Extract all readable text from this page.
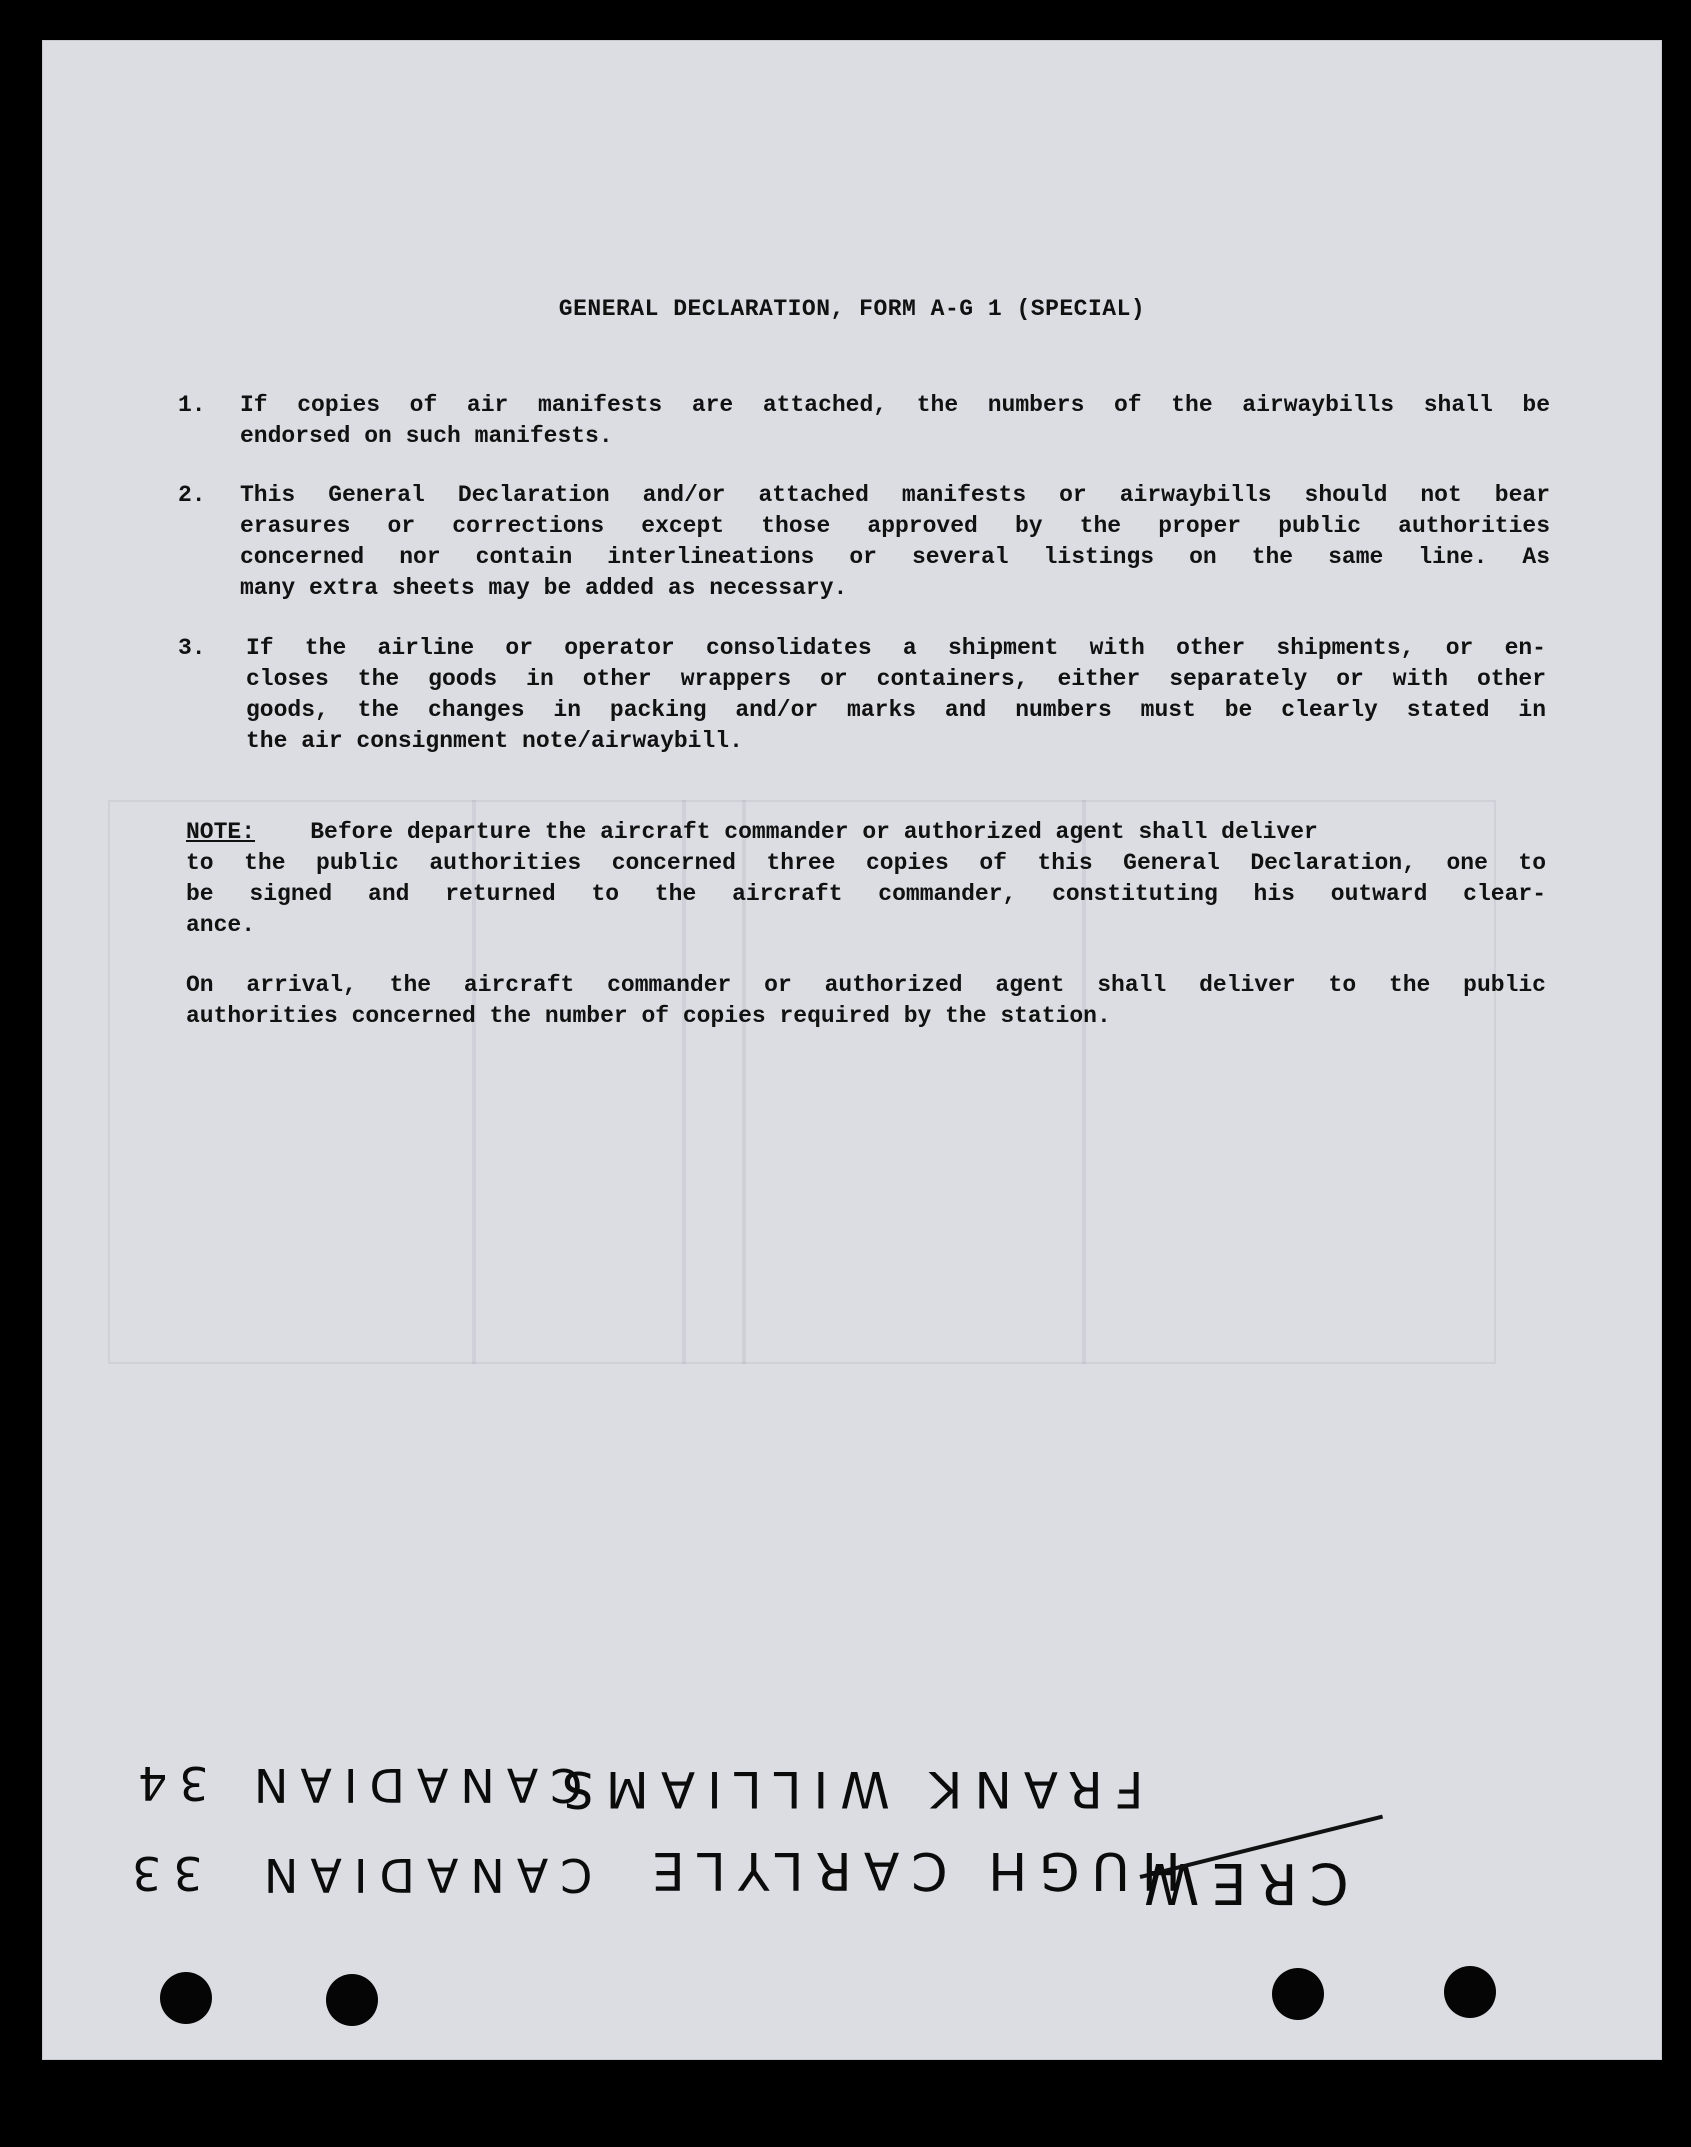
GENERAL DECLARATION, FORM A-G 1 (SPECIAL)
1. If copies of air manifests are attached, the numbers of the airwaybills shall be
endorsed on such manifests.
2. This General Declaration and/or attached manifests or airwaybills should not bear
erasures or corrections except those approved by the proper public authorities
concerned nor contain interlineations or several listings on the same line. As
many extra sheets may be added as necessary.
3. If the airline or operator consolidates a shipment with other shipments, or en-
closes the goods in other wrappers or containers, either separately or with other
goods, the changes in packing and/or marks and numbers must be clearly stated in
the air consignment note/airwaybill.
NOTE: Before departure the aircraft commander or authorized agent shall deliver
to the public authorities concerned three copies of this General Declaration, one to
be signed and returned to the aircraft commander, constituting his outward clear-
ance.
On arrival, the aircraft commander or authorized agent shall deliver to the public
authorities concerned the number of copies required by the station.
CREW
HUGH CARLYLE
CANADIAN
33
FRANK WILLIAMS
CANADIAN
34
